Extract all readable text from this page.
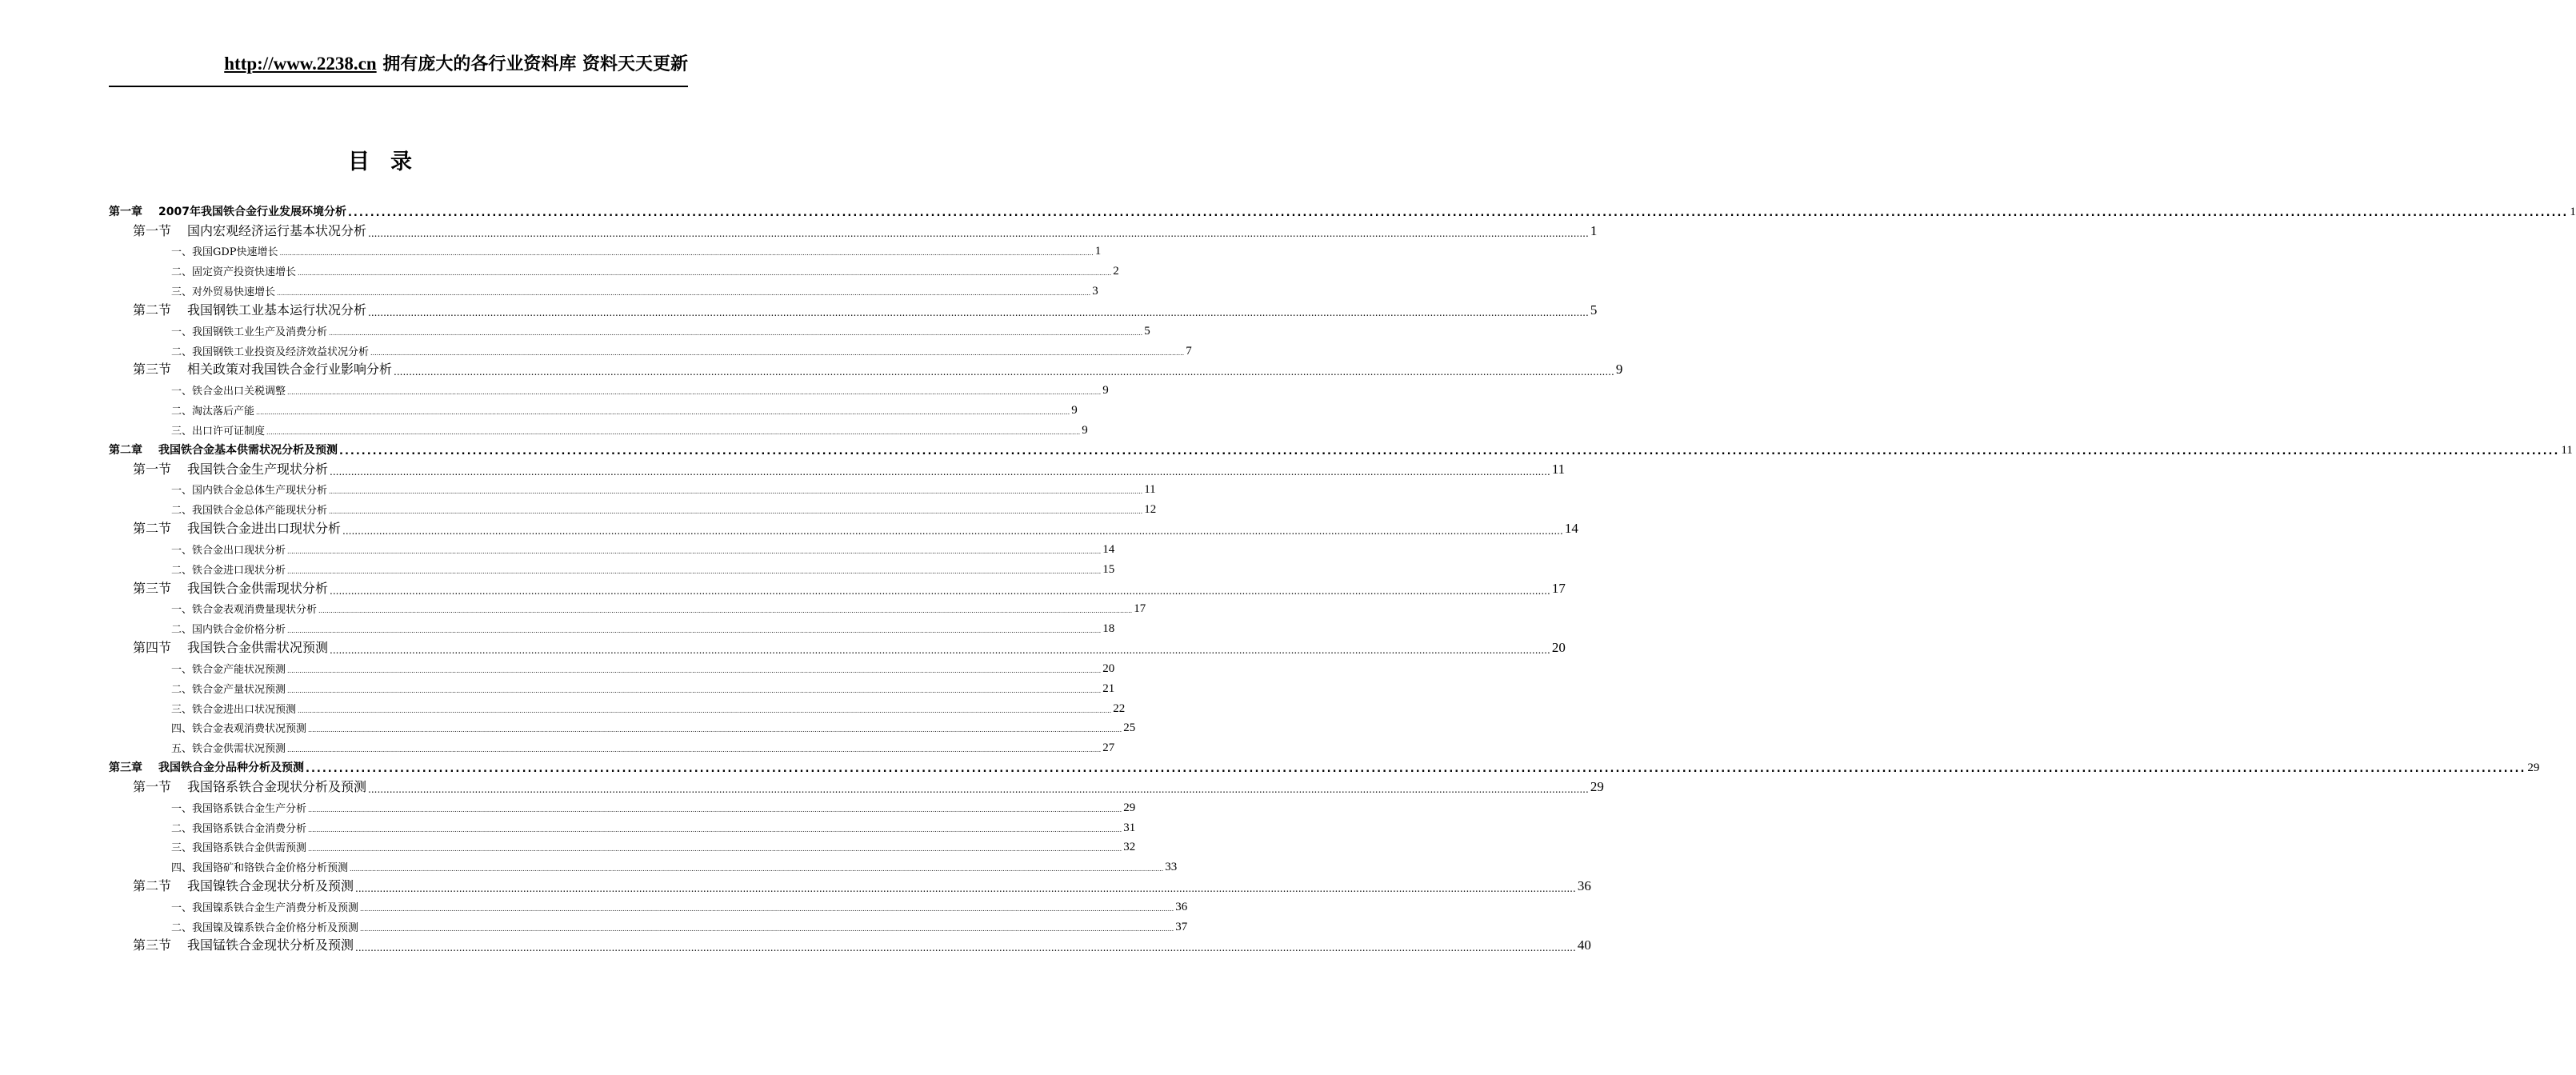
http://www.2238.cn 拥有庞大的各行业资料库 资料天天更新
目录
第一章 2007年我国铁合金行业发展环境分析 ................................................................................................................................................................................................................................................................................................................................................................................................................ 1
第一节 国内宏观经济运行基本状况分析 ................................................................................................................................................................................................................................................................................................................................................................................................................ 1
一、我国GDP快速增长 ................................................................................................................................................................................................................................................................................................................................................................................................................ 1
二、固定资产投资快速增长 ................................................................................................................................................................................................................................................................................................................................................................................................................ 2
三、对外贸易快速增长 ................................................................................................................................................................................................................................................................................................................................................................................................................ 3
第二节 我国钢铁工业基本运行状况分析 ................................................................................................................................................................................................................................................................................................................................................................................................................ 5
一、我国钢铁工业生产及消费分析 ................................................................................................................................................................................................................................................................................................................................................................................................................ 5
二、我国钢铁工业投资及经济效益状况分析 ................................................................................................................................................................................................................................................................................................................................................................................................................ 7
第三节 相关政策对我国铁合金行业影响分析 ................................................................................................................................................................................................................................................................................................................................................................................................................ 9
一、铁合金出口关税调整 ................................................................................................................................................................................................................................................................................................................................................................................................................ 9
二、淘汰落后产能 ................................................................................................................................................................................................................................................................................................................................................................................................................ 9
三、出口许可证制度 ................................................................................................................................................................................................................................................................................................................................................................................................................ 9
第二章 我国铁合金基本供需状况分析及预测 ................................................................................................................................................................................................................................................................................................................................................................................................................ 11
第一节 我国铁合金生产现状分析 ................................................................................................................................................................................................................................................................................................................................................................................................................ 11
一、国内铁合金总体生产现状分析 ................................................................................................................................................................................................................................................................................................................................................................................................................ 11
二、我国铁合金总体产能现状分析 ................................................................................................................................................................................................................................................................................................................................................................................................................ 12
第二节 我国铁合金进出口现状分析 ................................................................................................................................................................................................................................................................................................................................................................................................................ 14
一、铁合金出口现状分析 ................................................................................................................................................................................................................................................................................................................................................................................................................ 14
二、铁合金进口现状分析 ................................................................................................................................................................................................................................................................................................................................................................................................................ 15
第三节 我国铁合金供需现状分析 ................................................................................................................................................................................................................................................................................................................................................................................................................ 17
一、铁合金表观消费量现状分析 ................................................................................................................................................................................................................................................................................................................................................................................................................ 17
二、国内铁合金价格分析 ................................................................................................................................................................................................................................................................................................................................................................................................................ 18
第四节 我国铁合金供需状况预测 ................................................................................................................................................................................................................................................................................................................................................................................................................ 20
一、铁合金产能状况预测 ................................................................................................................................................................................................................................................................................................................................................................................................................ 20
二、铁合金产量状况预测 ................................................................................................................................................................................................................................................................................................................................................................................................................ 21
三、铁合金进出口状况预测 ................................................................................................................................................................................................................................................................................................................................................................................................................ 22
四、铁合金表观消费状况预测 ................................................................................................................................................................................................................................................................................................................................................................................................................ 25
五、铁合金供需状况预测 ................................................................................................................................................................................................................................................................................................................................................................................................................ 27
第三章 我国铁合金分品种分析及预测 ................................................................................................................................................................................................................................................................................................................................................................................................................ 29
第一节 我国铬系铁合金现状分析及预测 ................................................................................................................................................................................................................................................................................................................................................................................................................ 29
一、我国铬系铁合金生产分析 ................................................................................................................................................................................................................................................................................................................................................................................................................ 29
二、我国铬系铁合金消费分析 ................................................................................................................................................................................................................................................................................................................................................................................................................ 31
三、我国铬系铁合金供需预测 ................................................................................................................................................................................................................................................................................................................................................................................................................ 32
四、我国铬矿和铬铁合金价格分析预测 ................................................................................................................................................................................................................................................................................................................................................................................................................ 33
第二节 我国镍铁合金现状分析及预测 ................................................................................................................................................................................................................................................................................................................................................................................................................ 36
一、我国镍系铁合金生产消费分析及预测 ................................................................................................................................................................................................................................................................................................................................................................................................................ 36
二、我国镍及镍系铁合金价格分析及预测 ................................................................................................................................................................................................................................................................................................................................................................................................................ 37
第三节 我国锰铁合金现状分析及预测 ................................................................................................................................................................................................................................................................................................................................................................................................................ 40
